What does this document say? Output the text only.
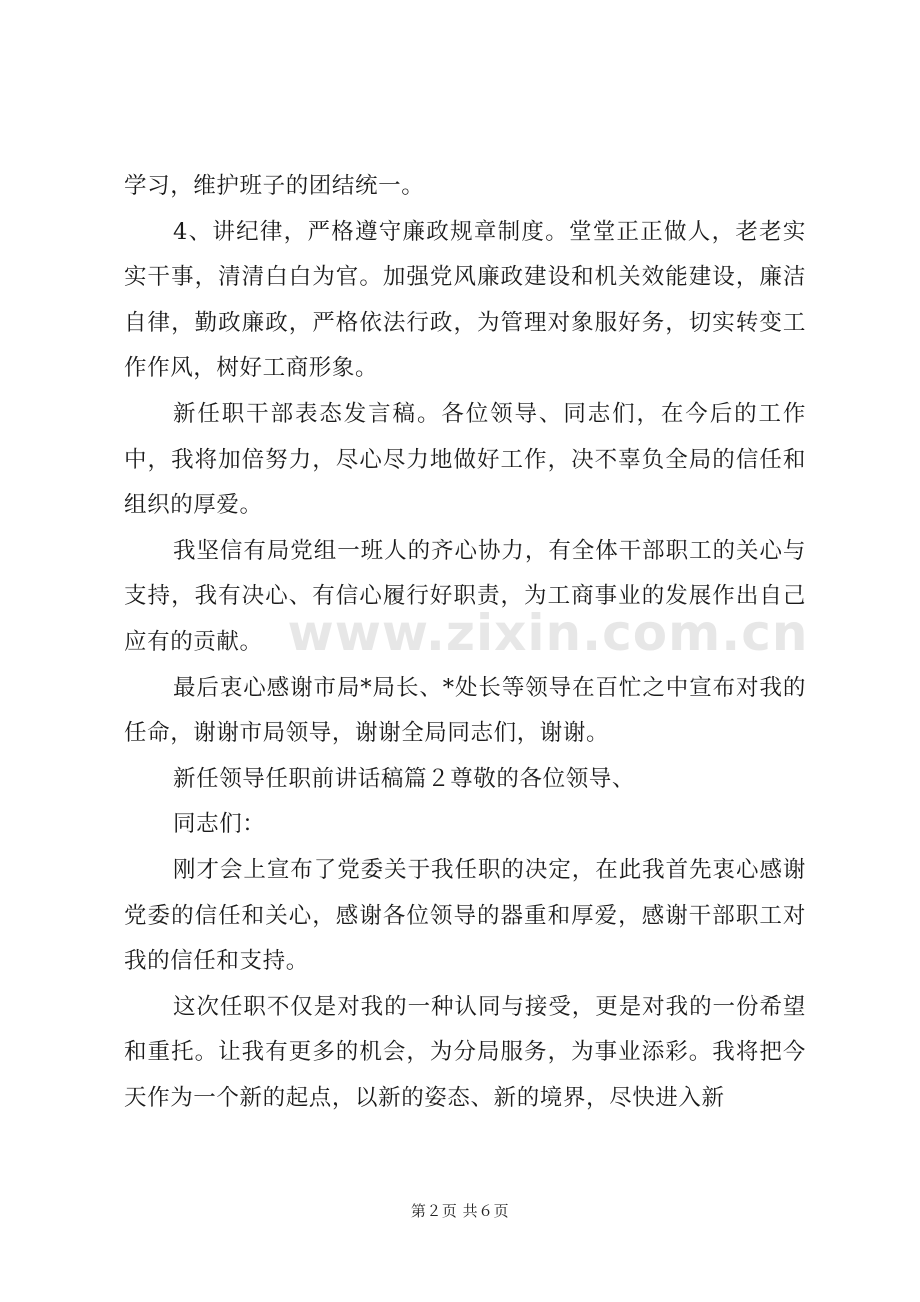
学习，维护班子的团结统一。

4、讲纪律，严格遵守廉政规章制度。堂堂正正做人，老老实实干事，清清白白为官。加强党风廉政建设和机关效能建设，廉洁自律，勤政廉政，严格依法行政，为管理对象服好务，切实转变工作作风，树好工商形象。

新任职干部表态发言稿。各位领导、同志们，在今后的工作中，我将加倍努力，尽心尽力地做好工作，决不辜负全局的信任和组织的厚爱。

我坚信有局党组一班人的齐心协力，有全体干部职工的关心与支持，我有决心、有信心履行好职责，为工商事业的发展作出自己应有的贡献。

最后衷心感谢市局*局长、*处长等领导在百忙之中宣布对我的任命，谢谢市局领导，谢谢全局同志们，谢谢。

新任领导任职前讲话稿篇２尊敬的各位领导、

同志们：

刚才会上宣布了党委关于我任职的决定，在此我首先衷心感谢党委的信任和关心，感谢各位领导的器重和厚爱，感谢干部职工对我的信任和支持。

这次任职不仅是对我的一种认同与接受，更是对我的一份希望和重托。让我有更多的机会，为分局服务，为事业添彩。我将把今天作为一个新的起点，以新的姿态、新的境界，尽快进入新

www.zixin.com.cn
第２页 共６页
